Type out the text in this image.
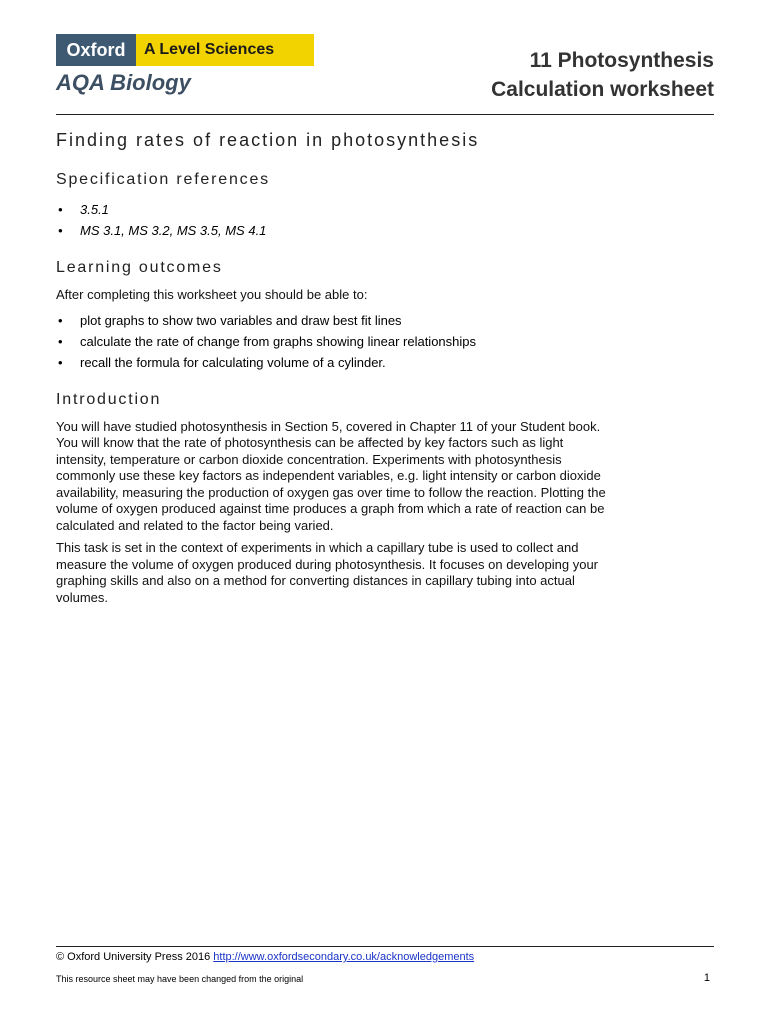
Oxford	A Level Sciences
AQA Biology
11 Photosynthesis
Calculation worksheet
Finding rates of reaction in photosynthesis
Specification references
• 3.5.1
• MS 3.1, MS 3.2, MS 3.5, MS 4.1
Learning outcomes

After completing this worksheet you should be able to:

• plot graphs to show two variables and draw best fit lines
• calculate the rate of change from graphs showing linear relationships
• recall the formula for calculating volume of a cylinder.
Introduction

You will have studied photosynthesis in Section 5, covered in Chapter 11 of your Student book. You will know that the rate of photosynthesis can be affected by key factors such as light intensity, temperature or carbon dioxide concentration. Experiments with photosynthesis commonly use these key factors as independent variables, e.g. light intensity or carbon dioxide availability, measuring the production of oxygen gas over time to follow the reaction. Plotting the volume of oxygen produced against time produces a graph from which a rate of reaction can be calculated and related to the factor being varied.

This task is set in the context of experiments in which a capillary tube is used to collect and measure the volume of oxygen produced during photosynthesis. It focuses on developing your graphing skills and also on a method for converting distances in capillary tubing into actual volumes.

© Oxford University Press 2016 http://www.oxfordsecondary.co.uk/acknowledgements
This resource sheet may have been changed from the original	1
